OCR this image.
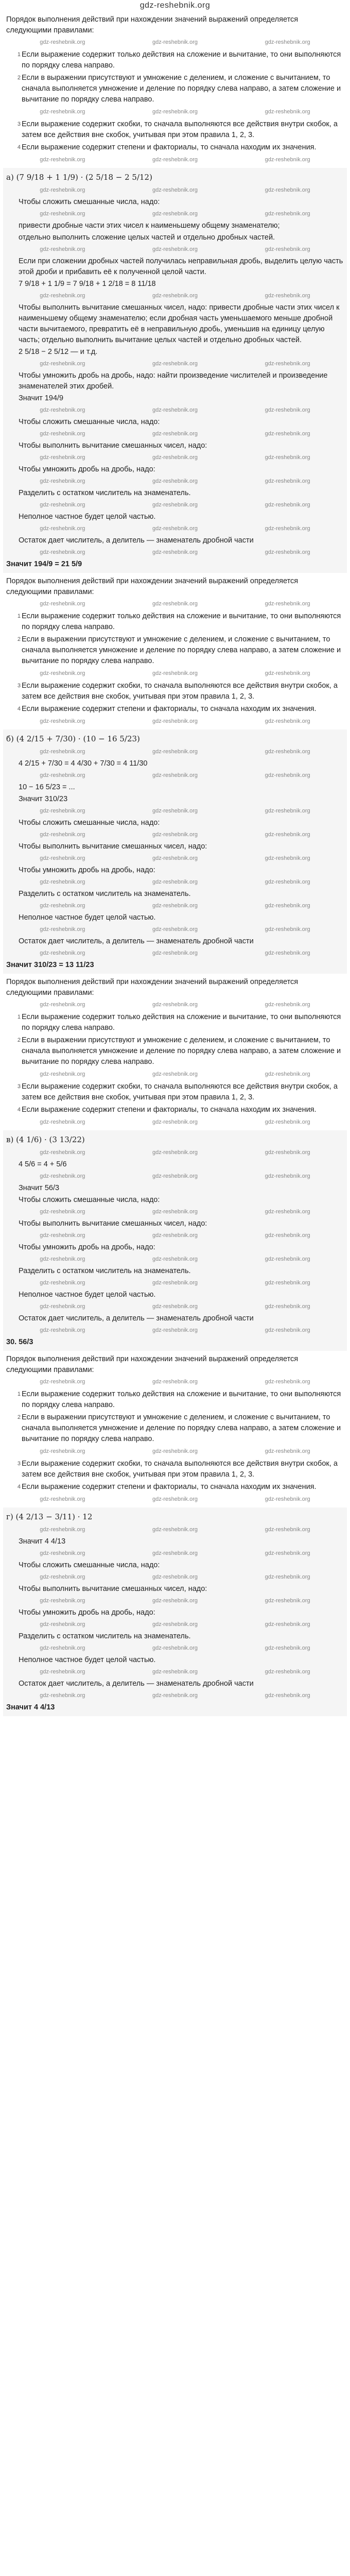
gdz-reshebnik.org
Порядок выполнения действий при нахождении значений выражений определяется следующими правилами:
gdz-reshebnik.org	gdz-reshebnik.org	gdz-reshebnik.org
1 Если выражение содержит только действия на сложение и вычитание, то они выполняются по порядку слева направо.
2 Если в выражении присутствуют и умножение с делением, и сложение с вычитанием, то сначала выполняется умножение и деление по порядку слева направо, а затем сложение и вычитание по порядку слева направо.
gdz-reshebnik.org	gdz-reshebnik.org	gdz-reshebnik.org
3 Если выражение содержит скобки, то сначала выполняются все действия внутри скобок, а затем все действия вне скобок, учитывая при этом правила 1, 2, 3.
4 Если выражение содержит степени и факториалы, то сначала находим их значения.
gdz-reshebnik.org	gdz-reshebnik.org	gdz-reshebnik.org
а) (7 9/18 + 1 1/9) · (2 5/18 − 2 5/12)
gdz-reshebnik.org	gdz-reshebnik.org	gdz-reshebnik.org
Чтобы сложить смешанные числа, надо:
gdz-reshebnik.org	gdz-reshebnik.org	gdz-reshebnik.org
привести дробные части этих чисел к наименьшему общему знаменателю;
отдельно выполнить сложение целых частей и отдельно дробных частей.
gdz-reshebnik.org	gdz-reshebnik.org	gdz-reshebnik.org
Если при сложении дробных частей получилась неправильная дробь, выделить целую часть этой дроби и прибавить её к полученной целой части.
7 9/18 + 1 1/9 = 7 9/18 + 1 2/18 = 8 11/18
gdz-reshebnik.org	gdz-reshebnik.org	gdz-reshebnik.org
Чтобы выполнить вычитание смешанных чисел, надо: привести дробные части этих чисел к наименьшему общему знаменателю; если дробная часть уменьшаемого меньше дробной части вычитаемого, превратить её в неправильную дробь, уменьшив на единицу целую часть; отдельно выполнить вычитание целых частей и отдельно дробных частей.
2 5/18 − 2 5/12 — и т.д.
gdz-reshebnik.org	gdz-reshebnik.org	gdz-reshebnik.org
Чтобы умножить дробь на дробь, надо: найти произведение числителей и произведение знаменателей этих дробей.
Значит 194/9
gdz-reshebnik.org	gdz-reshebnik.org	gdz-reshebnik.org
Чтобы сложить смешанные числа, надо:
gdz-reshebnik.org	gdz-reshebnik.org	gdz-reshebnik.org
Чтобы выполнить вычитание смешанных чисел, надо:
gdz-reshebnik.org	gdz-reshebnik.org	gdz-reshebnik.org
Чтобы умножить дробь на дробь, надо:
gdz-reshebnik.org	gdz-reshebnik.org	gdz-reshebnik.org
Разделить с остатком числитель на знаменатель.
gdz-reshebnik.org	gdz-reshebnik.org	gdz-reshebnik.org
Неполное частное будет целой частью.
gdz-reshebnik.org	gdz-reshebnik.org	gdz-reshebnik.org
Остаток дает числитель, а делитель — знаменатель дробной части
gdz-reshebnik.org	gdz-reshebnik.org	gdz-reshebnik.org
Значит 194/9 = 21 5/9
Порядок выполнения действий при нахождении значений выражений определяется следующими правилами:
gdz-reshebnik.org	gdz-reshebnik.org	gdz-reshebnik.org
1 Если выражение содержит только действия на сложение и вычитание, то они выполняются по порядку слева направо.
2 Если в выражении присутствуют и умножение с делением, и сложение с вычитанием, то сначала выполняется умножение и деление по порядку слева направо, а затем сложение и вычитание по порядку слева направо.
gdz-reshebnik.org	gdz-reshebnik.org	gdz-reshebnik.org
3 Если выражение содержит скобки, то сначала выполняются все действия внутри скобок, а затем все действия вне скобок, учитывая при этом правила 1, 2, 3.
4 Если выражение содержит степени и факториалы, то сначала находим их значения.
gdz-reshebnik.org	gdz-reshebnik.org	gdz-reshebnik.org
б) (4 2/15 + 7/30) · (10 − 16 5/23)
gdz-reshebnik.org	gdz-reshebnik.org	gdz-reshebnik.org
4 2/15 + 7/30 = 4 4/30 + 7/30 = 4 11/30
gdz-reshebnik.org	gdz-reshebnik.org	gdz-reshebnik.org
10 − 16 5/23 = ...
Значит 310/23
gdz-reshebnik.org	gdz-reshebnik.org	gdz-reshebnik.org
Чтобы сложить смешанные числа, надо:
gdz-reshebnik.org	gdz-reshebnik.org	gdz-reshebnik.org
Чтобы выполнить вычитание смешанных чисел, надо:
gdz-reshebnik.org	gdz-reshebnik.org	gdz-reshebnik.org
Чтобы умножить дробь на дробь, надо:
gdz-reshebnik.org	gdz-reshebnik.org	gdz-reshebnik.org
Разделить с остатком числитель на знаменатель.
gdz-reshebnik.org	gdz-reshebnik.org	gdz-reshebnik.org
Неполное частное будет целой частью.
gdz-reshebnik.org	gdz-reshebnik.org	gdz-reshebnik.org
Остаток дает числитель, а делитель — знаменатель дробной части
gdz-reshebnik.org	gdz-reshebnik.org	gdz-reshebnik.org
Значит 310/23 = 13 11/23
Порядок выполнения действий при нахождении значений выражений определяется следующими правилами:
gdz-reshebnik.org	gdz-reshebnik.org	gdz-reshebnik.org
1 Если выражение содержит только действия на сложение и вычитание, то они выполняются по порядку слева направо.
2 Если в выражении присутствуют и умножение с делением, и сложение с вычитанием, то сначала выполняется умножение и деление по порядку слева направо, а затем сложение и вычитание по порядку слева направо.
gdz-reshebnik.org	gdz-reshebnik.org	gdz-reshebnik.org
3 Если выражение содержит скобки, то сначала выполняются все действия внутри скобок, а затем все действия вне скобок, учитывая при этом правила 1, 2, 3.
4 Если выражение содержит степени и факториалы, то сначала находим их значения.
gdz-reshebnik.org	gdz-reshebnik.org	gdz-reshebnik.org
в) (4 1/6) · (3 13/22)
gdz-reshebnik.org	gdz-reshebnik.org	gdz-reshebnik.org
4 5/6 = 4 + 5/6
gdz-reshebnik.org	gdz-reshebnik.org	gdz-reshebnik.org
Значит 56/3
Чтобы сложить смешанные числа, надо:
gdz-reshebnik.org	gdz-reshebnik.org	gdz-reshebnik.org
Чтобы выполнить вычитание смешанных чисел, надо:
gdz-reshebnik.org	gdz-reshebnik.org	gdz-reshebnik.org
Чтобы умножить дробь на дробь, надо:
gdz-reshebnik.org	gdz-reshebnik.org	gdz-reshebnik.org
Разделить с остатком числитель на знаменатель.
gdz-reshebnik.org	gdz-reshebnik.org	gdz-reshebnik.org
Неполное частное будет целой частью.
gdz-reshebnik.org	gdz-reshebnik.org	gdz-reshebnik.org
Остаток дает числитель, а делитель — знаменатель дробной части
gdz-reshebnik.org	gdz-reshebnik.org	gdz-reshebnik.org
30. 56/3
Порядок выполнения действий при нахождении значений выражений определяется следующими правилами:
gdz-reshebnik.org	gdz-reshebnik.org	gdz-reshebnik.org
1 Если выражение содержит только действия на сложение и вычитание, то они выполняются по порядку слева направо.
2 Если в выражении присутствуют и умножение с делением, и сложение с вычитанием, то сначала выполняется умножение и деление по порядку слева направо, а затем сложение и вычитание по порядку слева направо.
gdz-reshebnik.org	gdz-reshebnik.org	gdz-reshebnik.org
3 Если выражение содержит скобки, то сначала выполняются все действия внутри скобок, а затем все действия вне скобок, учитывая при этом правила 1, 2, 3.
4 Если выражение содержит степени и факториалы, то сначала находим их значения.
gdz-reshebnik.org	gdz-reshebnik.org	gdz-reshebnik.org
г) (4 2/13 − 3/11) · 12
gdz-reshebnik.org	gdz-reshebnik.org	gdz-reshebnik.org
Значит 4 4/13
gdz-reshebnik.org	gdz-reshebnik.org	gdz-reshebnik.org
Чтобы сложить смешанные числа, надо:
gdz-reshebnik.org	gdz-reshebnik.org	gdz-reshebnik.org
Чтобы выполнить вычитание смешанных чисел, надо:
gdz-reshebnik.org	gdz-reshebnik.org	gdz-reshebnik.org
Чтобы умножить дробь на дробь, надо:
gdz-reshebnik.org	gdz-reshebnik.org	gdz-reshebnik.org
Разделить с остатком числитель на знаменатель.
gdz-reshebnik.org	gdz-reshebnik.org	gdz-reshebnik.org
Неполное частное будет целой частью.
gdz-reshebnik.org	gdz-reshebnik.org	gdz-reshebnik.org
Остаток дает числитель, а делитель — знаменатель дробной части
gdz-reshebnik.org	gdz-reshebnik.org	gdz-reshebnik.org
Значит 4 4/13
